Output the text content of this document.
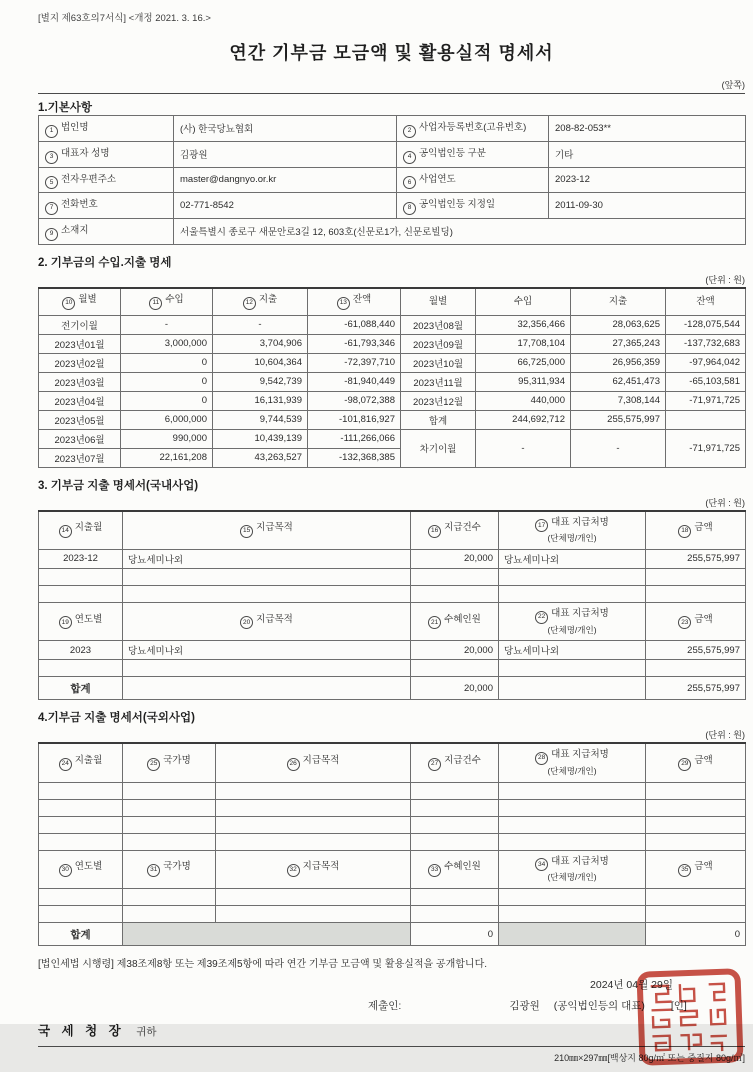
[별지 제63호의7서식] <개정 2021. 3. 16.>
연간 기부금 모금액 및 활용실적 명세서
(앞쪽)
1.기본사항
1 법인명	(사) 한국당뇨협회	2 사업자등록번호(고유번호)	208-82-053**
3 대표자 성명	김광원	4 공익법인등 구분	기타
5 전자우편주소	master@dangnyo.or.kr	6 사업연도	2023-12
7 전화번호	02-771-8542	8 공익법인등 지정일	2011-09-30
9 소재지	서울특별시 종로구 새문안로3길 12, 603호(신문로1가, 신문로빌딩)		
2. 기부금의 수입.지출 명세
(단위 : 원)
10 월별	11 수입	12 지출	13 잔액	월별	수입	지출	잔액
전기이월	-	-	-61,088,440	2023년08월	32,356,466	28,063,625	-128,075,544
2023년01월	3,000,000	3,704,906	-61,793,346	2023년09월	17,708,104	27,365,243	-137,732,683
2023년02월	0	10,604,364	-72,397,710	2023년10월	66,725,000	26,956,359	-97,964,042
2023년03월	0	9,542,739	-81,940,449	2023년11월	95,311,934	62,451,473	-65,103,581
2023년04월	0	16,131,939	-98,072,388	2023년12월	440,000	7,308,144	-71,971,725
2023년05월	6,000,000	9,744,539	-101,816,927	합계	244,692,712	255,575,997	
2023년06월	990,000	10,439,139	-111,266,066	차기이월	-	-	-71,971,725
2023년07월	22,161,208	43,263,527	-132,368,385				
3. 기부금 지출 명세서(국내사업)
(단위 : 원)
14 지출월	15 지급목적	16 지급건수	17 대표 지급처명
(단체명/개인)	18 금액
2023-12	당뇨세미나외	20,000	당뇨세미나외	255,575,997

19 연도별	20 지급목적	21 수혜인원	22 대표 지급처명
(단체명/개인)	23 금액
2023	당뇨세미나외	20,000	당뇨세미나외	255,575,997

합계		20,000		255,575,997
4.기부금 지출 명세서(국외사업)
(단위 : 원)
24 지출월	25 국가명	26 지급목적	27 지급건수	28 대표 지급처명
(단체명/개인)	29 금액

30 연도별	31 국가명	32 지급목적	33 수혜인원	34 대표 지급처명
(단체명/개인)	35 금액

합계			0		0
[법인세법 시행령] 제38조제8항 또는 제39조제5항에 따라 연간 기부금 모금액 및 활용실적을 공개합니다.
2024년 04월 29일
제출인:	김광원 (공익법인등의 대표) [인]
국 세 청 장 귀하
210㎜×297㎜[백상지 80g/㎡ 또는 중질지 80g/㎡]
